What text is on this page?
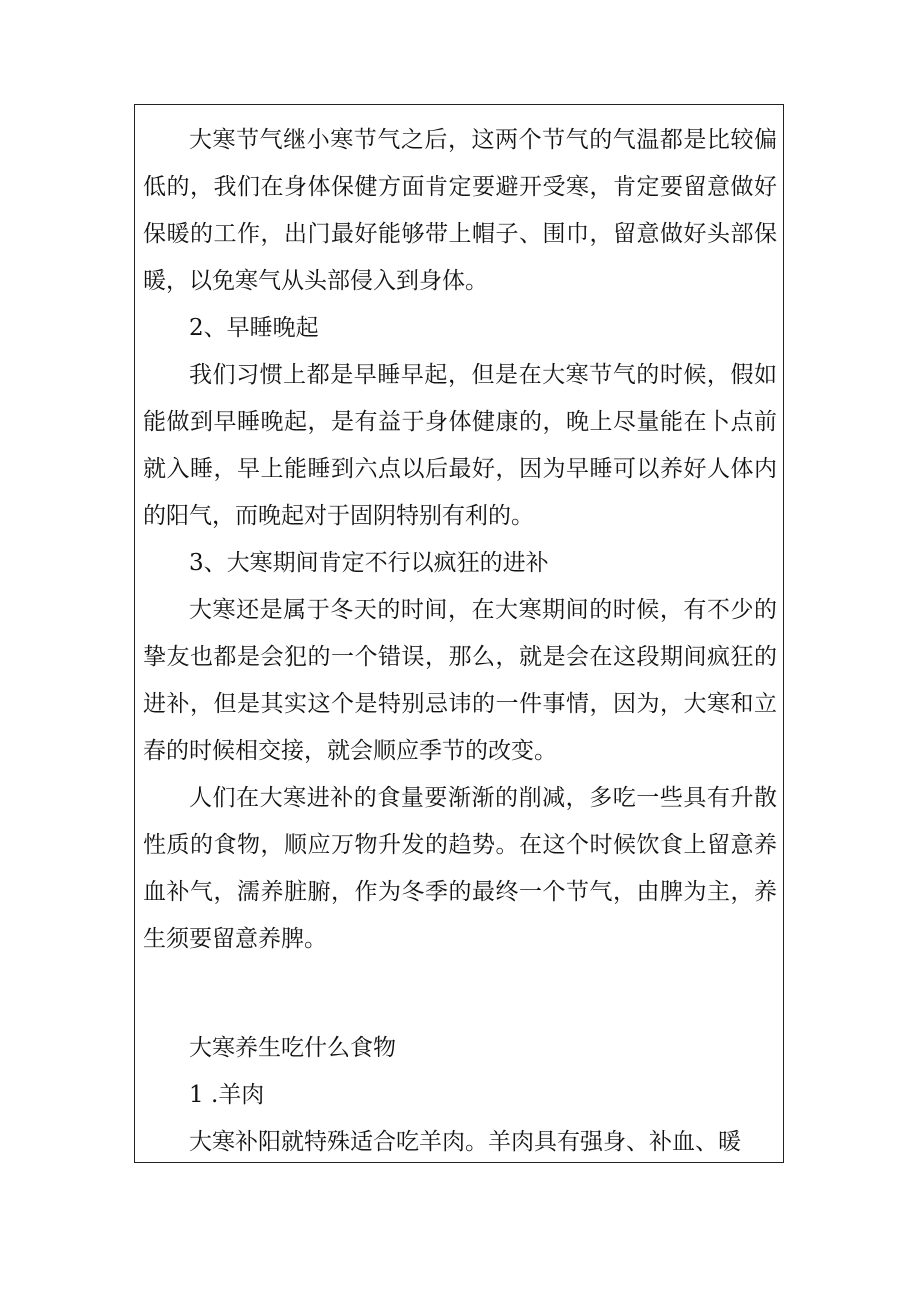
大寒节气继小寒节气之后，这两个节气的气温都是比较偏低的，我们在身体保健方面肯定要避开受寒，肯定要留意做好保暖的工作，出门最好能够带上帽子、围巾，留意做好头部保暖，以免寒气从头部侵入到身体。

2、早睡晚起

我们习惯上都是早睡早起，但是在大寒节气的时候，假如能做到早睡晚起，是有益于身体健康的，晚上尽量能在卜点前就入睡，早上能睡到六点以后最好，因为早睡可以养好人体内的阳气，而晚起对于固阴特别有利的。

3、大寒期间肯定不行以疯狂的进补

大寒还是属于冬天的时间，在大寒期间的时候，有不少的挚友也都是会犯的一个错误，那么，就是会在这段期间疯狂的进补，但是其实这个是特别忌讳的一件事情，因为，大寒和立春的时候相交接，就会顺应季节的改变。

人们在大寒进补的食量要渐渐的削减，多吃一些具有升散性质的食物，顺应万物升发的趋势。在这个时候饮食上留意养血补气，濡养脏腑，作为冬季的最终一个节气，由脾为主，养生须要留意养脾。

大寒养生吃什么食物

1 .羊肉

大寒补阳就特殊适合吃羊肉。羊肉具有强身、补血、暖
